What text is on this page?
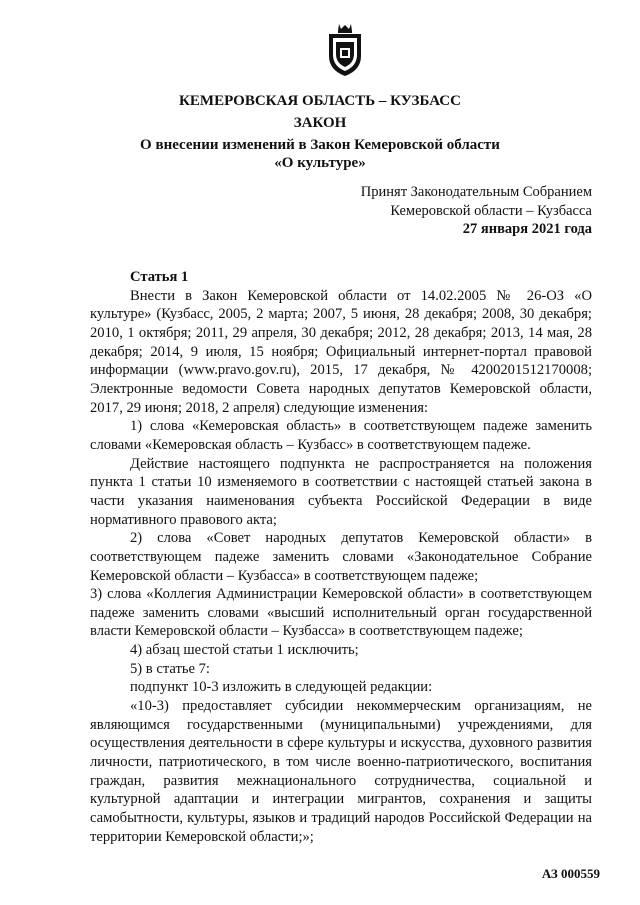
КЕМЕРОВСКАЯ ОБЛАСТЬ – КУЗБАСС
ЗАКОН
О внесении изменений в Закон Кемеровской области
«О культуре»
Принят Законодательным Собранием
Кемеровской области – Кузбасса
27 января 2021 года

Статья 1

Внести в Закон Кемеровской области от 14.02.2005 № 26-ОЗ «О культуре» (Кузбасс, 2005, 2 марта; 2007, 5 июня, 28 декабря; 2008, 30 декабря; 2010, 1 октября; 2011, 29 апреля, 30 декабря; 2012, 28 декабря; 2013, 14 мая, 28 декабря; 2014, 9 июля, 15 ноября; Официальный интернет-портал правовой информации (www.pravo.gov.ru), 2015, 17 декабря, № 4200201512170008; Электронные ведомости Совета народных депутатов Кемеровской области, 2017, 29 июня; 2018, 2 апреля) следующие изменения:

1) слова «Кемеровская область» в соответствующем падеже заменить словами «Кемеровская область – Кузбасс» в соответствующем падеже.

Действие настоящего подпункта не распространяется на положения пункта 1 статьи 10 изменяемого в соответствии с настоящей статьей закона в части указания наименования субъекта Российской Федерации в виде нормативного правового акта;

2) слова «Совет народных депутатов Кемеровской области» в соответствующем падеже заменить словами «Законодательное Собрание Кемеровской области – Кузбасса» в соответствующем падеже;

3) слова «Коллегия Администрации Кемеровской области» в соответствующем падеже заменить словами «высший исполнительный орган государственной власти Кемеровской области – Кузбасса» в соответствующем падеже;

4) абзац шестой статьи 1 исключить;

5) в статье 7:

подпункт 10-3 изложить в следующей редакции:

«10-3) предоставляет субсидии некоммерческим организациям, не являющимся государственными (муниципальными) учреждениями, для осуществления деятельности в сфере культуры и искусства, духовного развития личности, патриотического, в том числе военно-патриотического, воспитания граждан, развития межнационального сотрудничества, социальной и культурной адаптации и интеграции мигрантов, сохранения и защиты самобытности, культуры, языков и традиций народов Российской Федерации на территории Кемеровской области;»;

АЗ 000559
